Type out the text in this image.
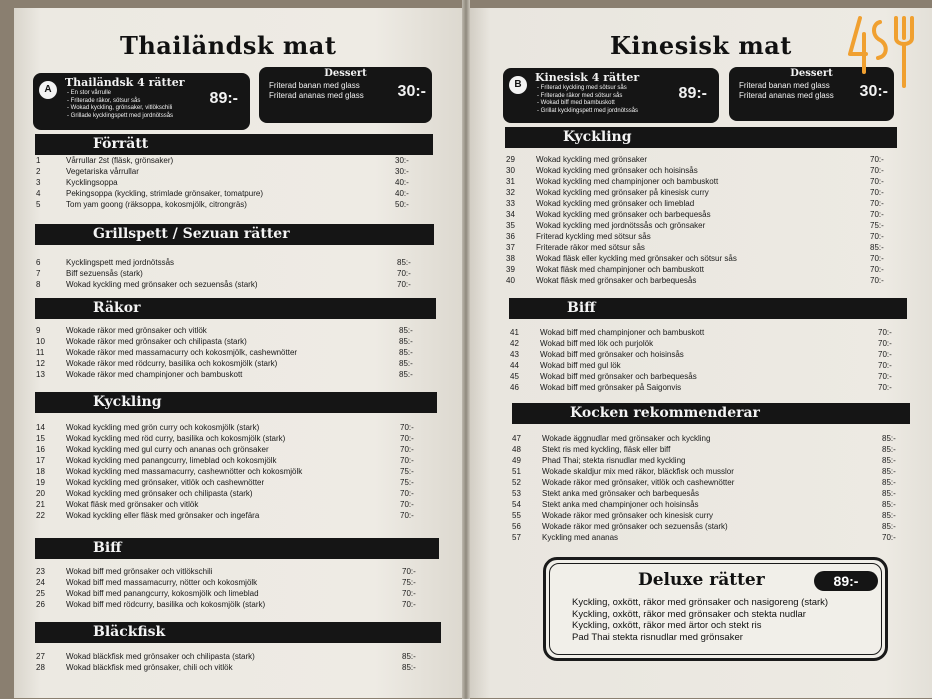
Thailändsk mat	Kinesisk mat
A
Thailändsk 4 rätter
- En stor vårrulle
- Friterade räkor, sötsur sås
- Wokad kyckling, grönsaker, vitlökschili
- Grillade kycklingspett med jordnötssås
89:-
Dessert
Friterad banan med glass
Friterad ananas med glass 30:-	B
Kinesisk 4 rätter
- Friterad kyckling med sötsur sås
- Friterade räkor med sötsur sås
- Wokad biff med bambuskott
- Grillat kycklingspett med jordnötssås
89:-
Dessert
Friterad banan med glass
Friterad ananas med glass 30:-
Förrätt
1	Vårrullar 2st (fläsk, grönsaker)	30:-
2	Vegetariska vårrullar	30:-
3	Kycklingsoppa	40:-
4	Pekingsoppa (kyckling, strimlade grönsaker, tomatpure)	40:-
5	Tom yam goong (räksoppa, kokosmjölk, citrongräs)	50:-
Grillspett / Sezuan rätter
6	Kycklingspett med jordnötssås	85:-
7	Biff sezuensås (stark)	70:-
8	Wokad kyckling med grönsaker och sezuensås (stark)	70:-
Räkor
9	Wokade räkor med grönsaker och vitlök	85:-
10	Wokade räkor med grönsaker och chilipasta (stark)	85:-
11	Wokade räkor med massamacurry och kokosmjölk, cashewnötter	85:-
12	Wokade räkor med rödcurry, basilika och kokosmjölk (stark)	85:-
13	Wokade räkor med champinjoner och bambuskott	85:-
Kyckling
14	Wokad kyckling med grön curry och kokosmjölk (stark)	70:-
15	Wokad kyckling med röd curry, basilika och kokosmjölk (stark)	70:-
16	Wokad kyckling med gul curry och ananas och grönsaker	70:-
17	Wokad kyckling med panangcurry, limeblad och kokosmjölk	70:-
18	Wokad kyckling med massamacurry, cashewnötter och kokosmjölk	75:-
19	Wokad kyckling med grönsaker, vitlök och cashewnötter	75:-
20	Wokad kyckling med grönsaker och chilipasta (stark)	70:-
21	Wokat fläsk med grönsaker och vitlök	70:-
22	Wokad kyckling eller fläsk med grönsaker och ingefära	70:-
Biff
23	Wokad biff med grönsaker och vitlökschili	70:-
24	Wokad biff med massamacurry, nötter och kokosmjölk	75:-
25	Wokad biff med panangcurry, kokosmjölk och limeblad	70:-
26	Wokad biff med rödcurry, basilika och kokosmjölk (stark)	70:-
Bläckfisk
27	Wokad bläckfisk med grönsaker och chilipasta (stark)	85:-
28	Wokad bläckfisk med grönsaker, chili och vitlök	85:-
Kyckling
29	Wokad kyckling med grönsaker	70:-
30	Wokad kyckling med grönsaker och hoisinsås	70:-
31	Wokad kyckling med champinjoner och bambuskott	70:-
32	Wokad kyckling med grönsaker på kinesisk curry	70:-
33	Wokad kyckling med grönsaker och limeblad	70:-
34	Wokad kyckling med grönsaker och barbequesås	70:-
35	Wokad kyckling med jordnötssås och grönsaker	75:-
36	Friterad kyckling med sötsur sås	70:-
37	Friterade räkor med sötsur sås	85:-
38	Wokad fläsk eller kyckling med grönsaker och sötsur sås	70:-
39	Wokat fläsk med champinjoner och bambuskott	70:-
40	Wokat fläsk med grönsaker och barbequesås	70:-
Biff
41	Wokad biff med champinjoner och bambuskott	70:-
42	Wokad biff med lök och purjolök	70:-
43	Wokad biff med grönsaker och hoisinsås	70:-
44	Wokad biff med gul lök	70:-
45	Wokad biff med grönsaker och barbequesås	70:-
46	Wokad biff med grönsaker på Saigonvis	70:-
Kocken rekommenderar
47	Wokade äggnudlar med grönsaker och kyckling	85:-
48	Stekt ris med kyckling, fläsk eller biff	85:-
49	Phad Thai; stekta risnudlar med kyckling	85:-
51	Wokade skaldjur mix med räkor, bläckfisk och musslor	85:-
52	Wokade räkor med grönsaker, vitlök och cashewnötter	85:-
53	Stekt anka med grönsaker och barbequesås	85:-
54	Stekt anka med champinjoner och hoisinsås	85:-
55	Wokade räkor med grönsaker och kinesisk curry	85:-
56	Wokade räkor med grönsaker och sezuensås (stark)	85:-
57	Kyckling med ananas	70:-
Deluxe rätter	89:-
Kyckling, oxkött, räkor med grönsaker och nasigoreng (stark)
Kyckling, oxkött, räkor med grönsaker och stekta nudlar
Kyckling, oxkött, räkor med ärtor och stekt ris
Pad Thai stekta risnudlar med grönsaker
